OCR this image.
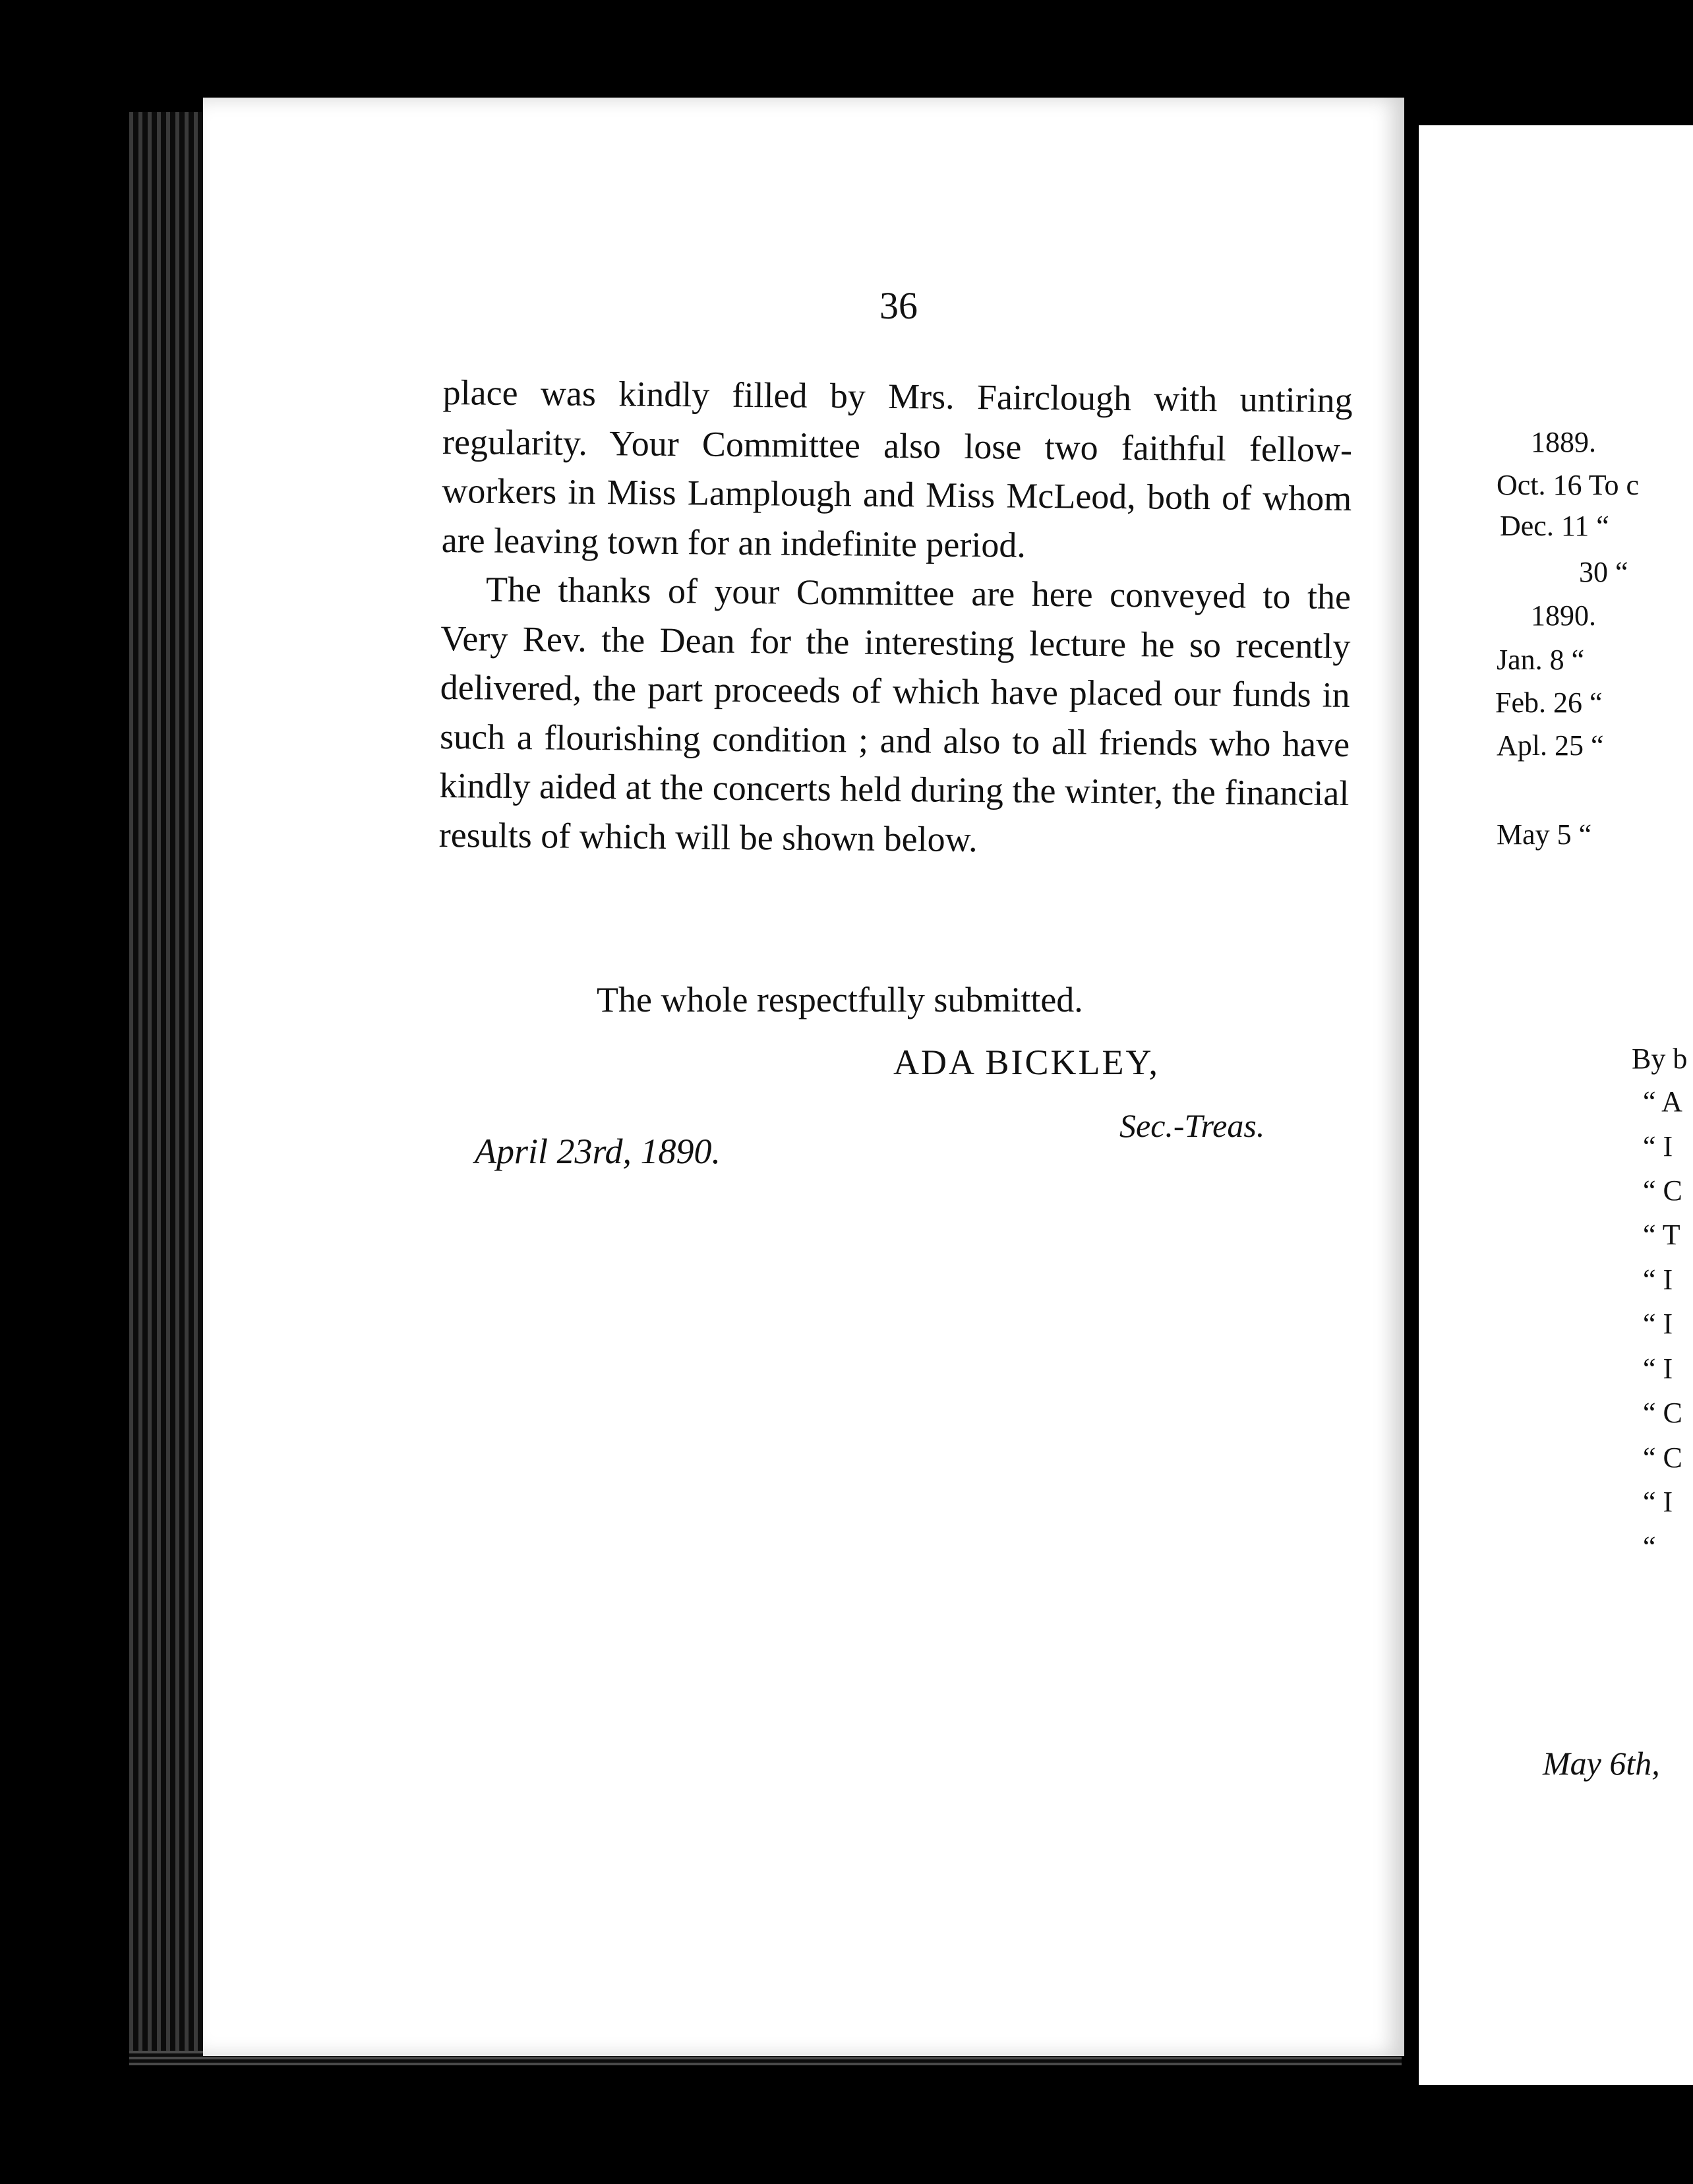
36

place was kindly filled by Mrs. Fairclough with untiring regularity. Your Committee also lose two faithful fellow-workers in Miss Lamplough and Miss McLeod, both of whom are leaving town for an indefinite period.

The thanks of your Committee are here conveyed to the Very Rev. the Dean for the interesting lecture he so recently delivered, the part proceeds of which have placed our funds in such a flourishing condition ; and also to all friends who have kindly aided at the concerts held during the winter, the financial results of which will be shown below.

The whole respectfully submitted.
ADA BICKLEY,
Sec.-Treas.
April 23rd, 1890.
1889.
Oct. 16 To c
Dec. 11 “
30 “
1890.
Jan. 8 “
Feb. 26 “
Apl. 25 “
May 5 “
By b
“ A
“ I
“ C
“ T
“ I
“ I
“ I
“ C
“ C
“ I
“
May 6th,
